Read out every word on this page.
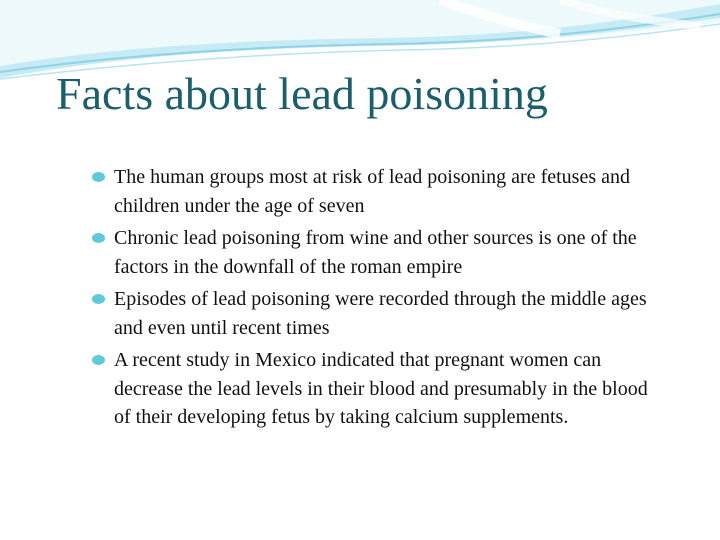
Facts about lead poisoning
The human groups most at risk of lead poisoning are fetuses and children under the age of seven
Chronic lead poisoning from wine and other sources is one of the factors in the downfall of the roman empire
Episodes of lead poisoning were recorded through the middle ages and even until recent times
A recent study in Mexico indicated that pregnant women can decrease the lead levels in their blood and presumably in the blood of their developing fetus by taking calcium supplements.
